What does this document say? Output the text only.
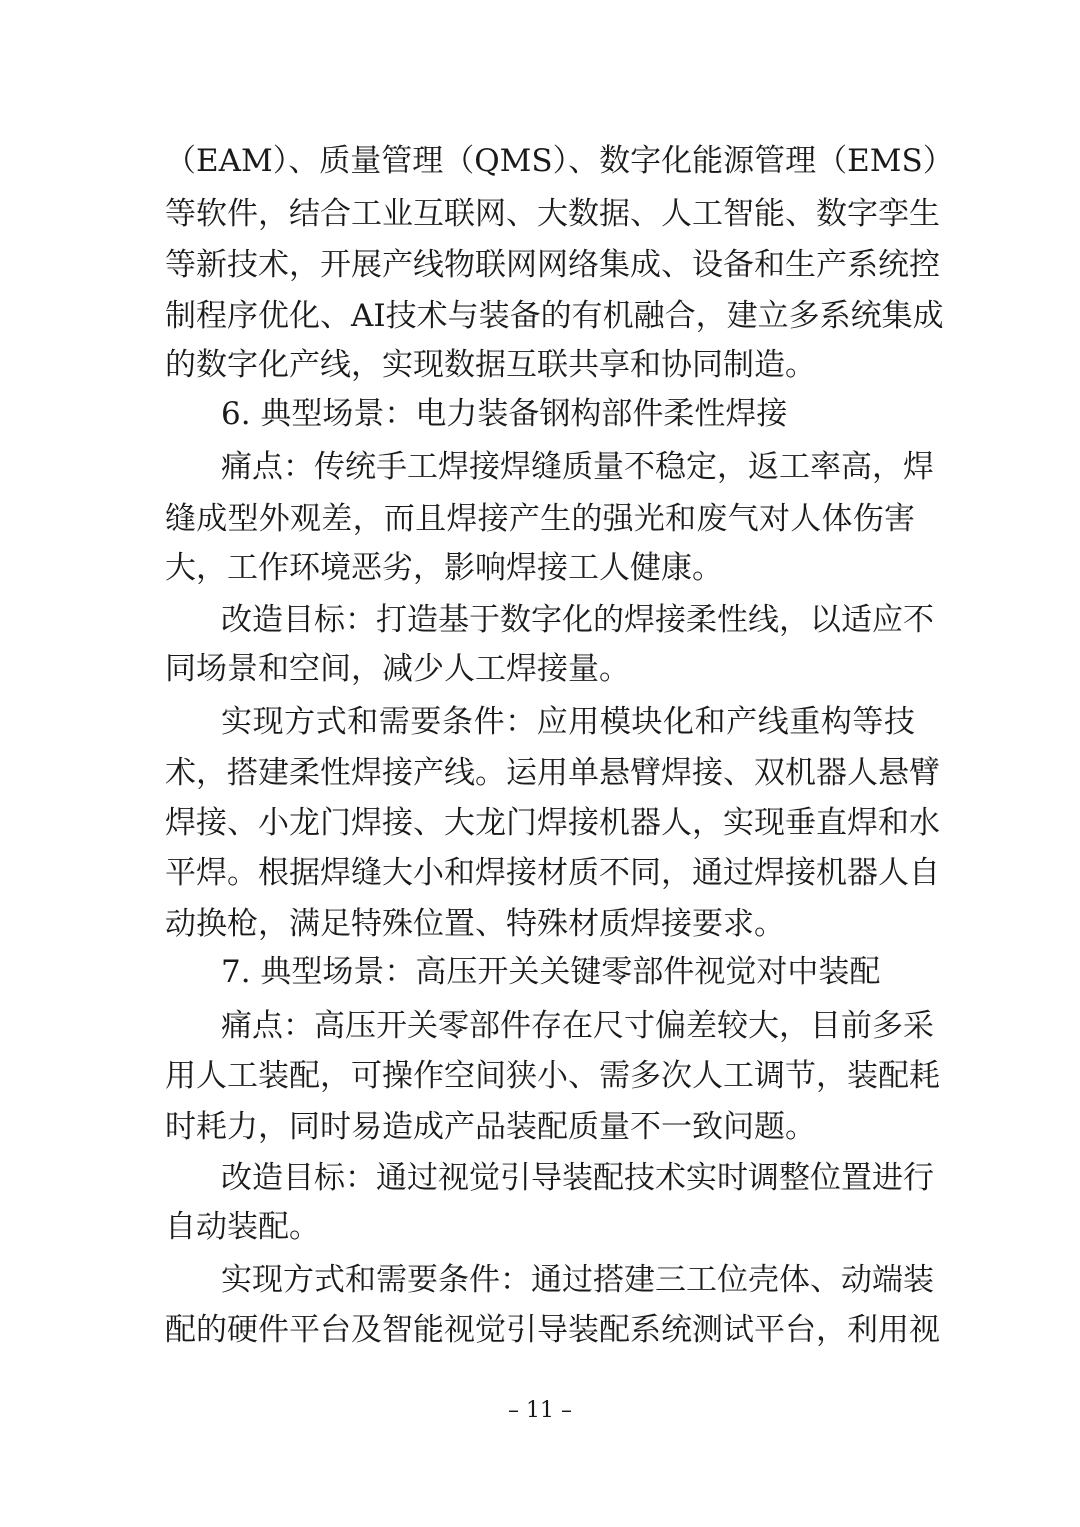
（EAM）、质量管理（QMS）、数字化能源管理（EMS）
等软件，结合工业互联网、大数据、人工智能、数字孪生
等新技术，开展产线物联网网络集成、设备和生产系统控
制程序优化、AI技术与装备的有机融合，建立多系统集成
的数字化产线，实现数据互联共享和协同制造。
6. 典型场景：电力装备钢构部件柔性焊接
痛点：传统手工焊接焊缝质量不稳定，返工率高，焊
缝成型外观差，而且焊接产生的强光和废气对人体伤害
大，工作环境恶劣，影响焊接工人健康。
改造目标：打造基于数字化的焊接柔性线，以适应不
同场景和空间，减少人工焊接量。
实现方式和需要条件：应用模块化和产线重构等技
术，搭建柔性焊接产线。运用单悬臂焊接、双机器人悬臂
焊接、小龙门焊接、大龙门焊接机器人，实现垂直焊和水
平焊。根据焊缝大小和焊接材质不同，通过焊接机器人自
动换枪，满足特殊位置、特殊材质焊接要求。
7. 典型场景：高压开关关键零部件视觉对中装配
痛点：高压开关零部件存在尺寸偏差较大，目前多采
用人工装配，可操作空间狭小、需多次人工调节，装配耗
时耗力，同时易造成产品装配质量不一致问题。
改造目标：通过视觉引导装配技术实时调整位置进行
自动装配。
实现方式和需要条件：通过搭建三工位壳体、动端装
配的硬件平台及智能视觉引导装配系统测试平台，利用视
– 11 –
